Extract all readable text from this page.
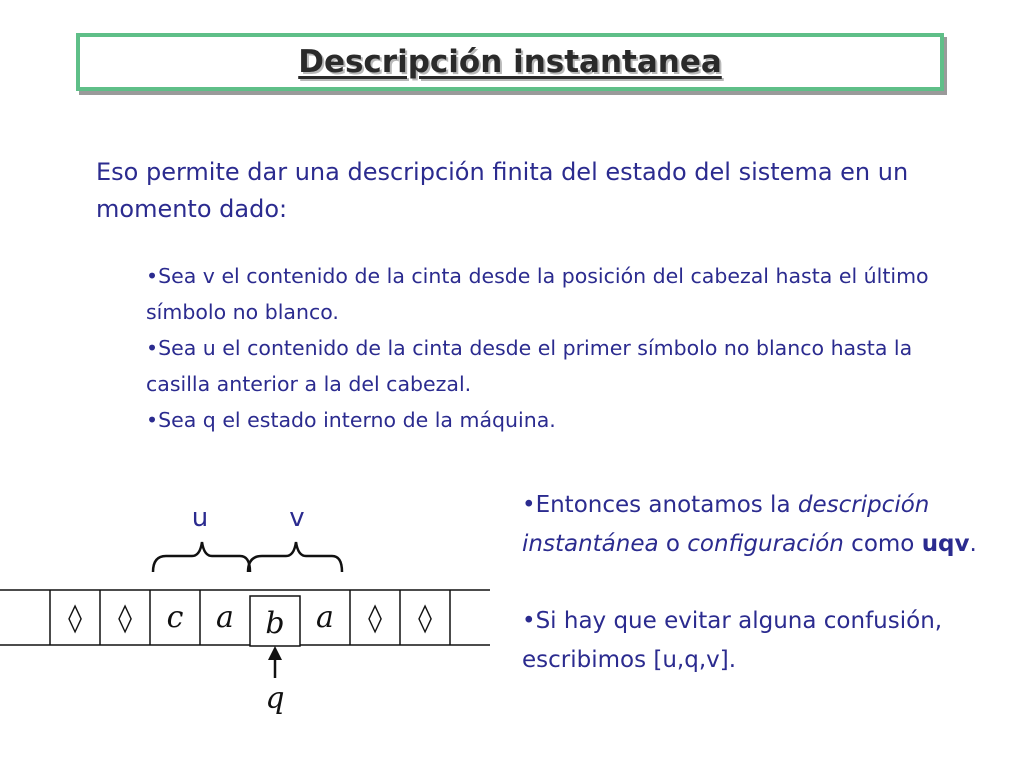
Descripción instantanea

Eso permite dar una descripción finita del estado del sistema en un momento dado:

•Sea v el contenido de la cinta desde la posición del cabezal hasta el último símbolo no blanco.
•Sea u el contenido de la cinta desde el primer símbolo no blanco hasta la casilla anterior a la del cabezal.
•Sea q el estado interno de la máquina.

•Entonces anotamos la descripción instantánea o configuración como uqv.

•Si hay que evitar alguna confusión, escribimos [u,q,v].

u	v
◊ ◊ c a b a ◊ ◊
q
